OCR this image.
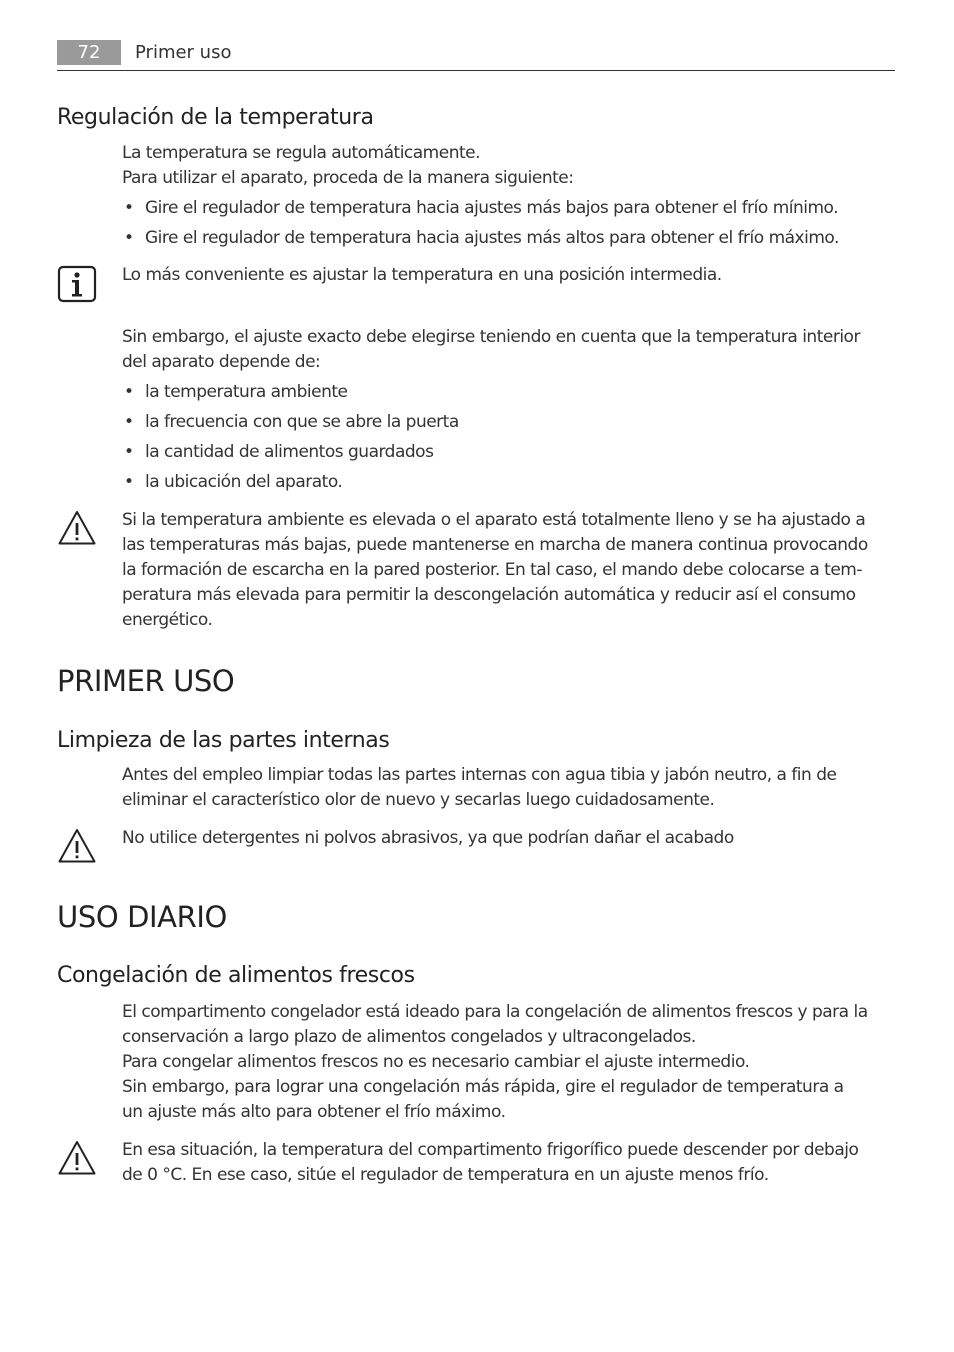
72	Primer uso
Regulación de la temperatura
La temperatura se regula automáticamente.
Para utilizar el aparato, proceda de la manera siguiente:
• Gire el regulador de temperatura hacia ajustes más bajos para obtener el frío mínimo.
• Gire el regulador de temperatura hacia ajustes más altos para obtener el frío máximo.
Lo más conveniente es ajustar la temperatura en una posición intermedia.
Sin embargo, el ajuste exacto debe elegirse teniendo en cuenta que la temperatura interior
del aparato depende de:
• la temperatura ambiente
• la frecuencia con que se abre la puerta
• la cantidad de alimentos guardados
• la ubicación del aparato.
Si la temperatura ambiente es elevada o el aparato está totalmente lleno y se ha ajustado a
las temperaturas más bajas, puede mantenerse en marcha de manera continua provocando
la formación de escarcha en la pared posterior. En tal caso, el mando debe colocarse a tem-
peratura más elevada para permitir la descongelación automática y reducir así el consumo
energético.
PRIMER USO
Limpieza de las partes internas
Antes del empleo limpiar todas las partes internas con agua tibia y jabón neutro, a fin de
eliminar el característico olor de nuevo y secarlas luego cuidadosamente.
No utilice detergentes ni polvos abrasivos, ya que podrían dañar el acabado
USO DIARIO
Congelación de alimentos frescos
El compartimento congelador está ideado para la congelación de alimentos frescos y para la
conservación a largo plazo de alimentos congelados y ultracongelados.
Para congelar alimentos frescos no es necesario cambiar el ajuste intermedio.
Sin embargo, para lograr una congelación más rápida, gire el regulador de temperatura a
un ajuste más alto para obtener el frío máximo.
En esa situación, la temperatura del compartimento frigorífico puede descender por debajo
de 0 °C. En ese caso, sitúe el regulador de temperatura en un ajuste menos frío.
